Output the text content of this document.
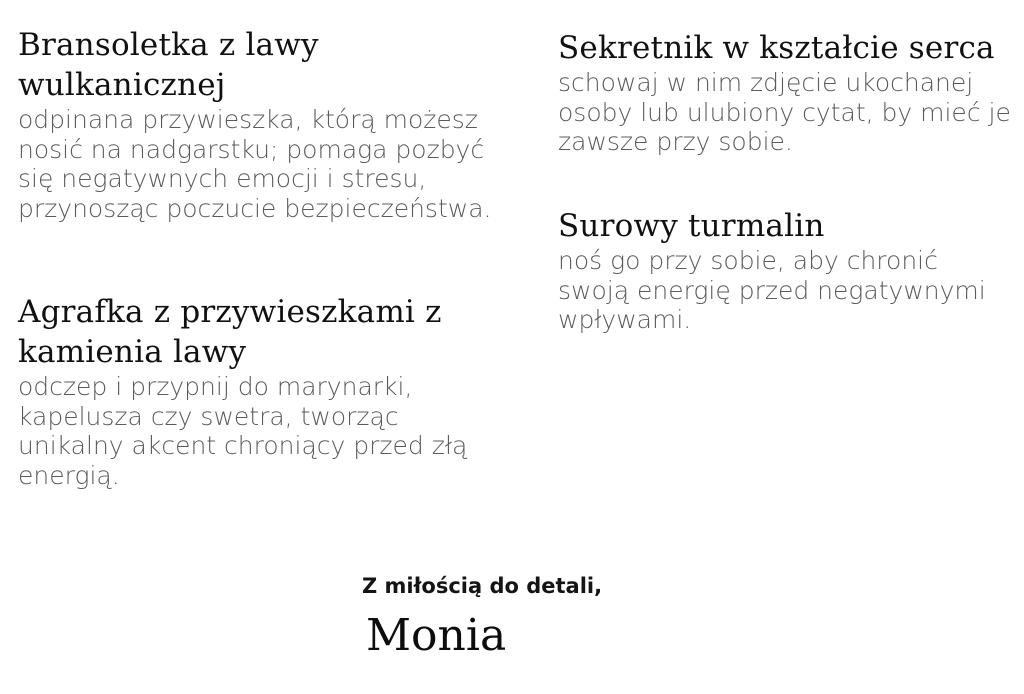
Bransoletka z lawy wulkanicznej

odpinana przywieszka, którą możesz nosić na nadgarstku; pomaga pozbyć się negatywnych emocji i stresu, przynosząc poczucie bezpieczeństwa.

Agrafka z przywieszkami z kamienia lawy

odczep i przypnij do marynarki, kapelusza czy swetra, tworząc unikalny akcent chroniący przed złą energią.

Sekretnik w kształcie serca

schowaj w nim zdjęcie ukochanej osoby lub ulubiony cytat, by mieć je zawsze przy sobie.

Surowy turmalin

noś go przy sobie, aby chronić swoją energię przed negatywnymi wpływami.

Z miłością do detali,

Monia
